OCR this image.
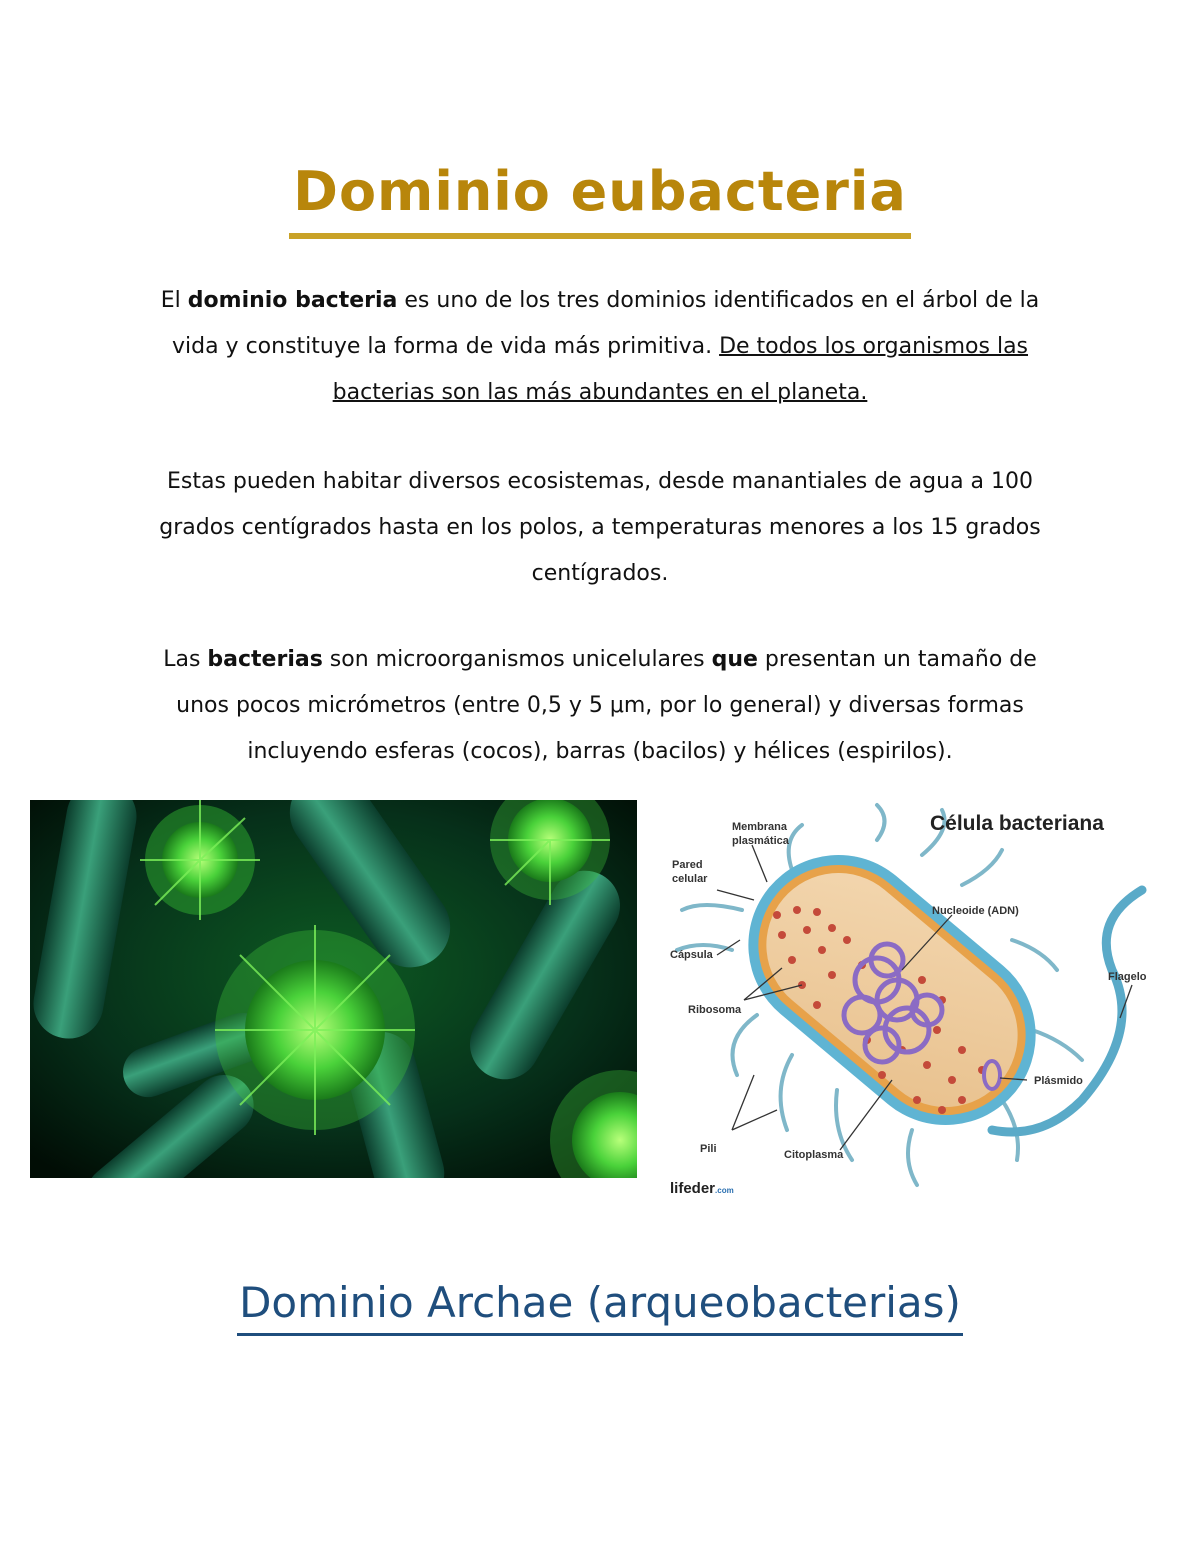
Dominio eubacteria
El dominio bacteria es uno de los tres dominios identificados en el árbol de la vida y constituye la forma de vida más primitiva. De todos los organismos las bacterias son las más abundantes en el planeta.
Estas pueden habitar diversos ecosistemas, desde manantiales de agua a 100 grados centígrados hasta en los polos, a temperaturas menores a los 15 grados centígrados.
Las bacterias son microorganismos unicelulares que presentan un tamaño de unos pocos micrómetros (entre 0,5 y 5 μm, por lo general) y diversas formas incluyendo esferas (cocos), barras (bacilos) y hélices (espirilos).
Célula bacteriana
Membrana
plasmática
Pared
celular
Cápsula
Ribosoma
Pili	Citoplasma
Nucleoide (ADN)
Flagelo
Plásmido
lifeder.com
Dominio Archae (arqueobacterias)
